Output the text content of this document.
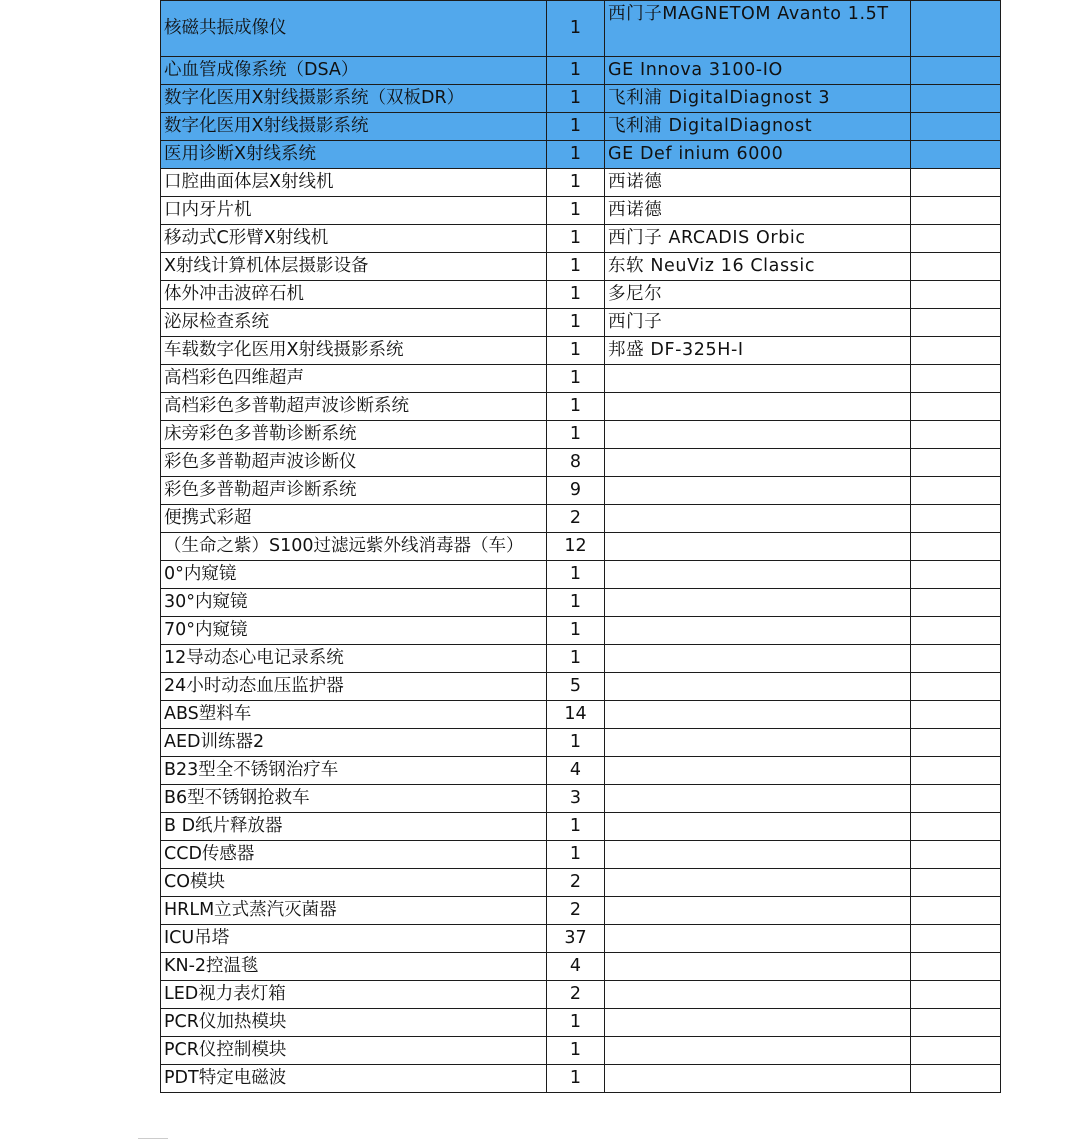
核磁共振成像仪	1	西门子MAGNETOM Avanto 1.5T	
心血管成像系统（DSA）	1	GE Innova 3100-IO	
数字化医用X射线摄影系统（双板DR）	1	飞利浦 DigitalDiagnost 3	
数字化医用X射线摄影系统	1	飞利浦 DigitalDiagnost	
医用诊断X射线系统	1	GE Def inium 6000	
口腔曲面体层X射线机	1	西诺德	
口内牙片机	1	西诺德	
移动式C形臂X射线机	1	西门子 ARCADIS Orbic	
X射线计算机体层摄影设备	1	东软 NeuViz 16 Classic	
体外冲击波碎石机	1	多尼尔	
泌尿检查系统	1	西门子	
车载数字化医用X射线摄影系统	1	邦盛 DF-325H-I	
高档彩色四维超声	1		
高档彩色多普勒超声波诊断系统	1		
床旁彩色多普勒诊断系统	1		
彩色多普勒超声波诊断仪	8		
彩色多普勒超声诊断系统	9		
便携式彩超	2		
（生命之紫）S100过滤远紫外线消毒器（车）	12		
0°内窥镜	1		
30°内窥镜	1		
70°内窥镜	1		
12导动态心电记录系统	1		
24小时动态血压监护器	5		
ABS塑料车	14		
AED训练器2	1		
B23型全不锈钢治疗车	4		
B6型不锈钢抢救车	3		
B D纸片释放器	1		
CCD传感器	1		
CO模块	2		
HRLM立式蒸汽灭菌器	2		
ICU吊塔	37		
KN-2控温毯	4		
LED视力表灯箱	2		
PCR仪加热模块	1		
PCR仪控制模块	1		
PDT特定电磁波	1		
